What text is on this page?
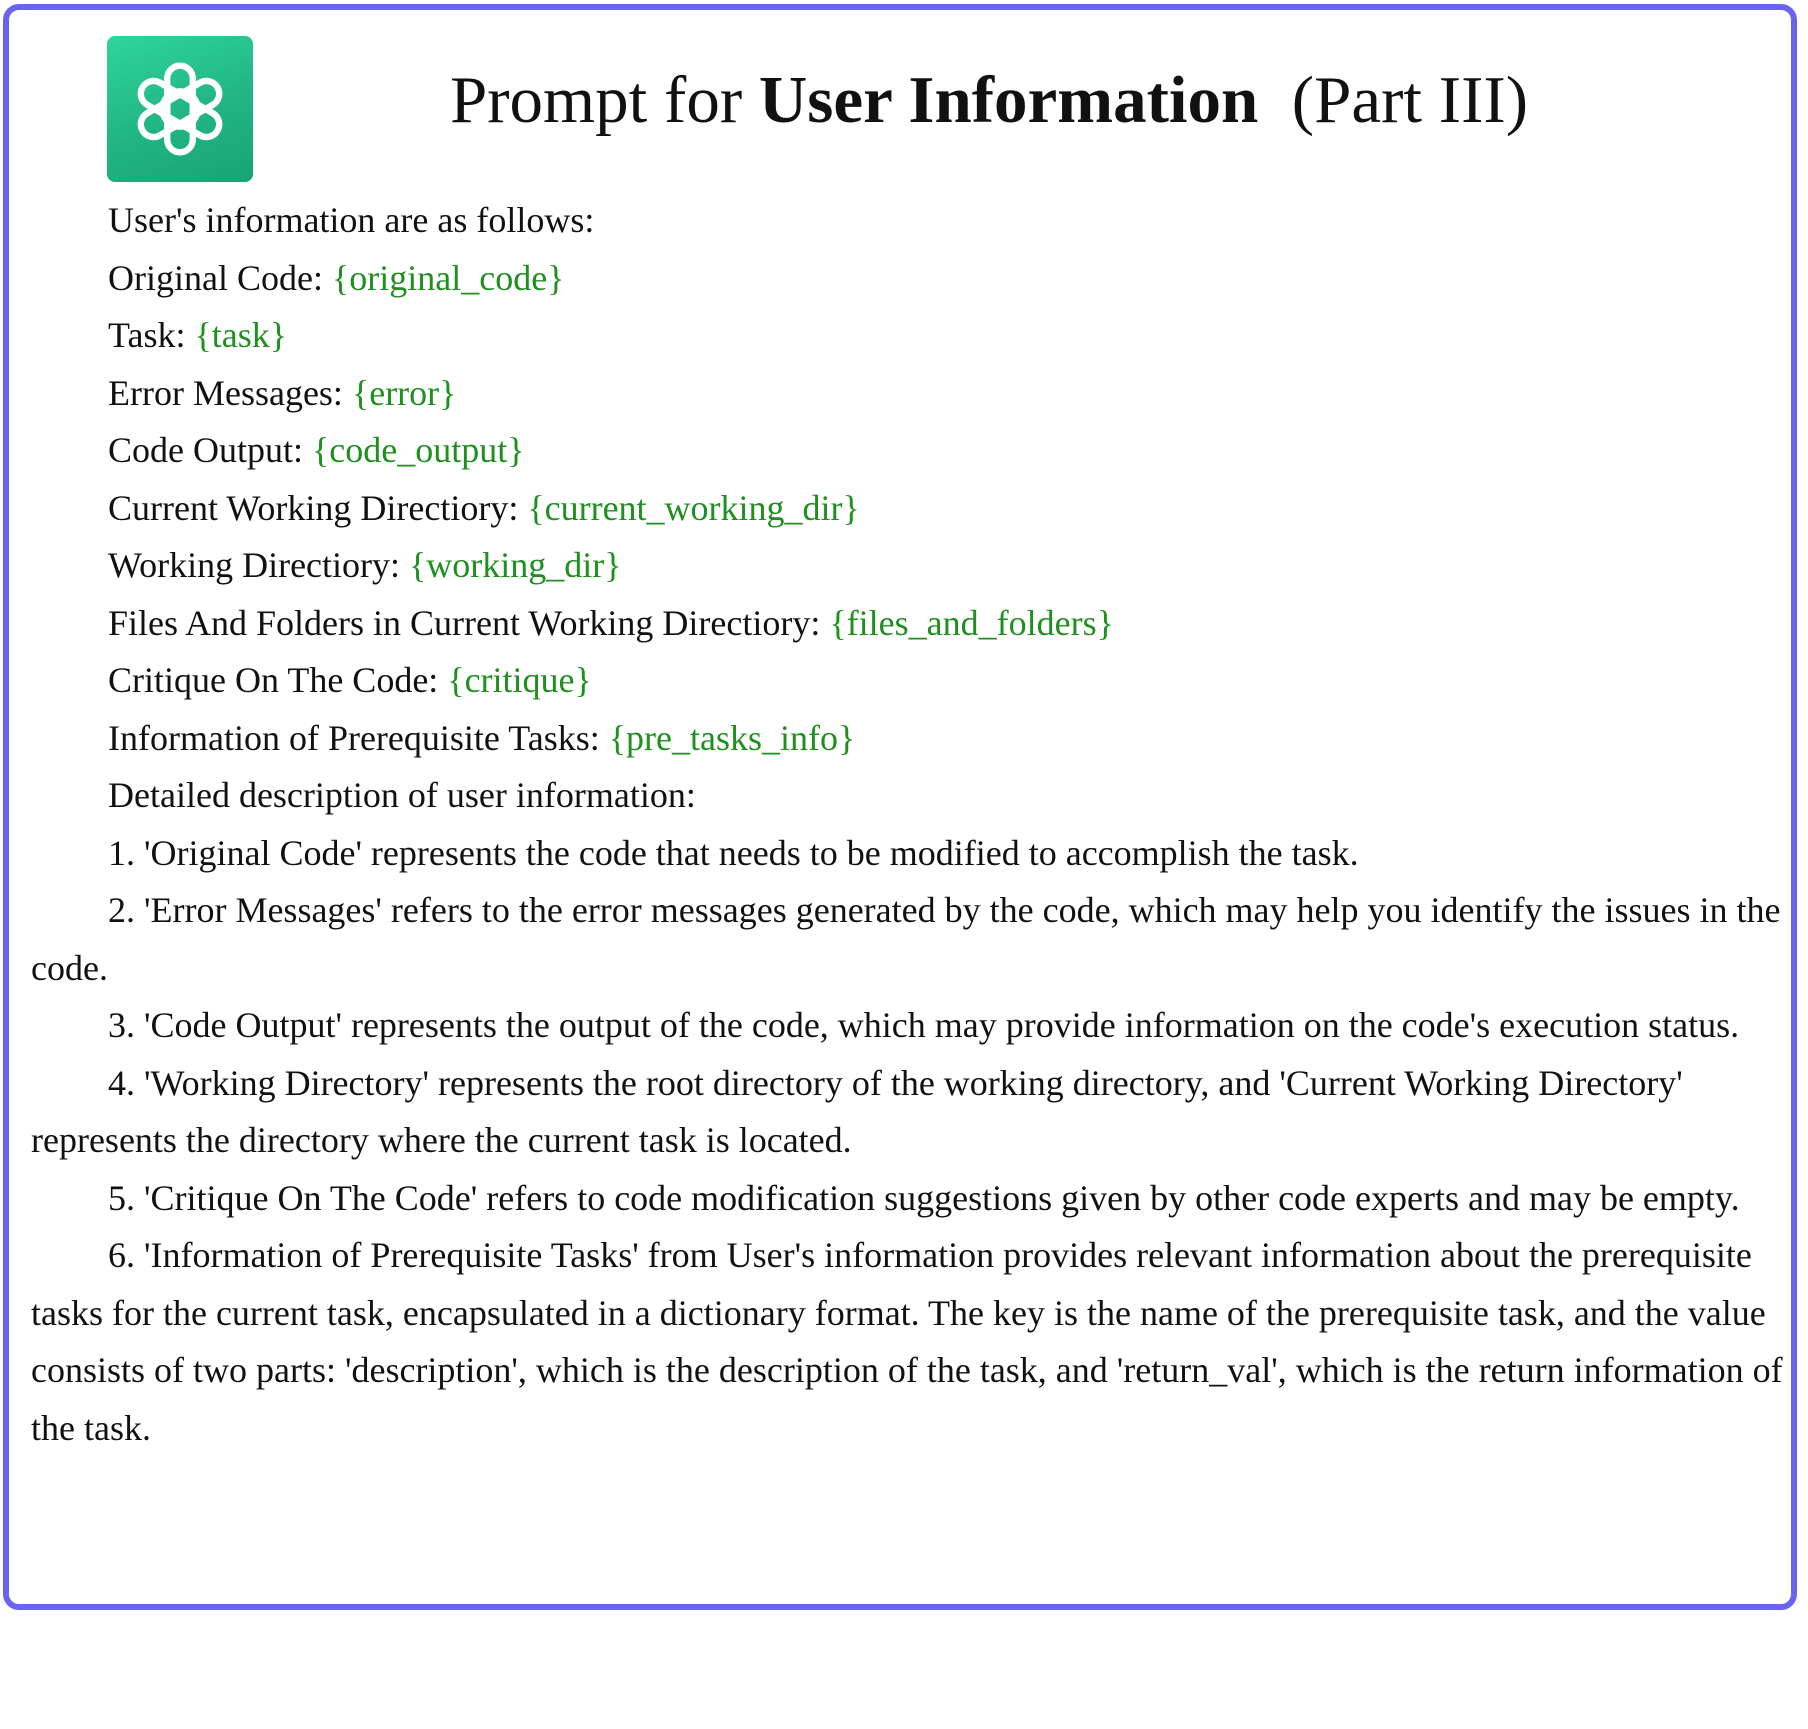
Prompt for User Information (Part III)
User's information are as follows:
Original Code: {original_code}
Task: {task}
Error Messages: {error}
Code Output: {code_output}
Current Working Directiory: {current_working_dir}
Working Directiory: {working_dir}
Files And Folders in Current Working Directiory: {files_and_folders}
Critique On The Code: {critique}
Information of Prerequisite Tasks: {pre_tasks_info}
Detailed description of user information:
1. 'Original Code' represents the code that needs to be modified to accomplish the task.
2. 'Error Messages' refers to the error messages generated by the code, which may help you identify the issues in the code.
3. 'Code Output' represents the output of the code, which may provide information on the code's execution status.
4. 'Working Directory' represents the root directory of the working directory, and 'Current Working Directory' represents the directory where the current task is located.
5. 'Critique On The Code' refers to code modification suggestions given by other code experts and may be empty.
6. 'Information of Prerequisite Tasks' from User's information provides relevant information about the prerequisite tasks for the current task, encapsulated in a dictionary format. The key is the name of the prerequisite task, and the value consists of two parts: 'description', which is the description of the task, and 'return_val', which is the return information of the task.
